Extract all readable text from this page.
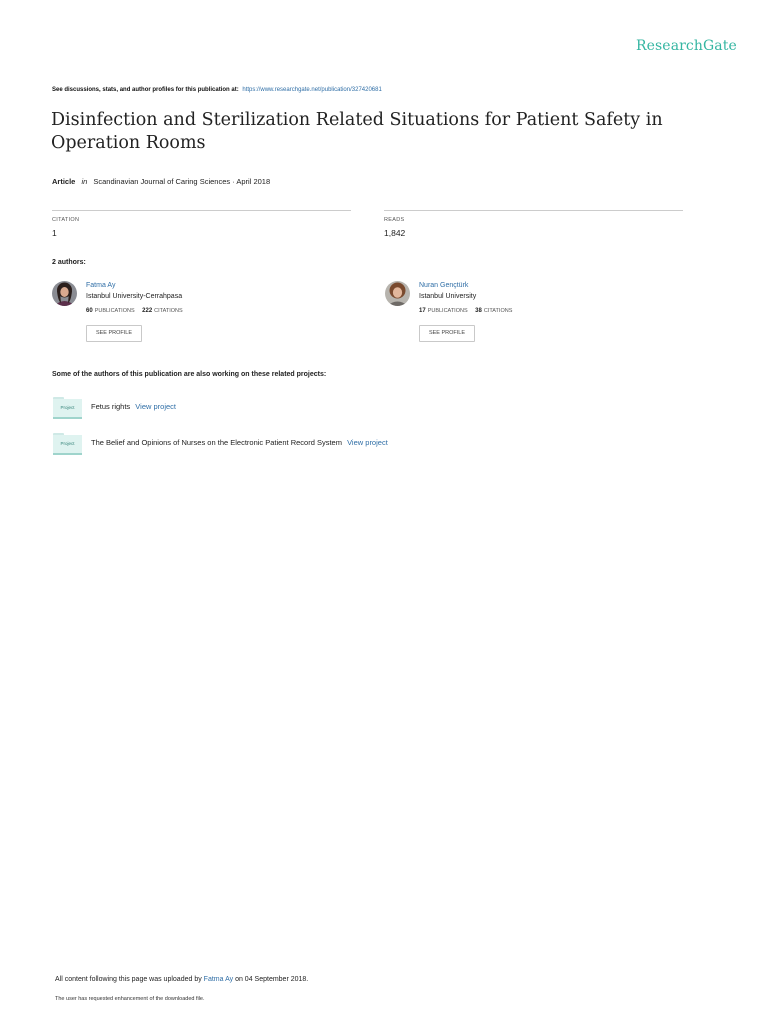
ResearchGate
See discussions, stats, and author profiles for this publication at: https://www.researchgate.net/publication/327420681
Disinfection and Sterilization Related Situations for Patient Safety in Operation Rooms
Article in Scandinavian Journal of Caring Sciences · April 2018
CITATION
1
READS
1,842
2 authors:
Fatma Ay
Istanbul University-Cerrahpasa
60 PUBLICATIONS 222 CITATIONS
SEE PROFILE
Nuran Gençtürk
Istanbul University
17 PUBLICATIONS 38 CITATIONS
SEE PROFILE
Some of the authors of this publication are also working on these related projects:
Project	Fetus rights View project
Project	The Belief and Opinions of Nurses on the Electronic Patient Record System View project
All content following this page was uploaded by Fatma Ay on 04 September 2018.
The user has requested enhancement of the downloaded file.
